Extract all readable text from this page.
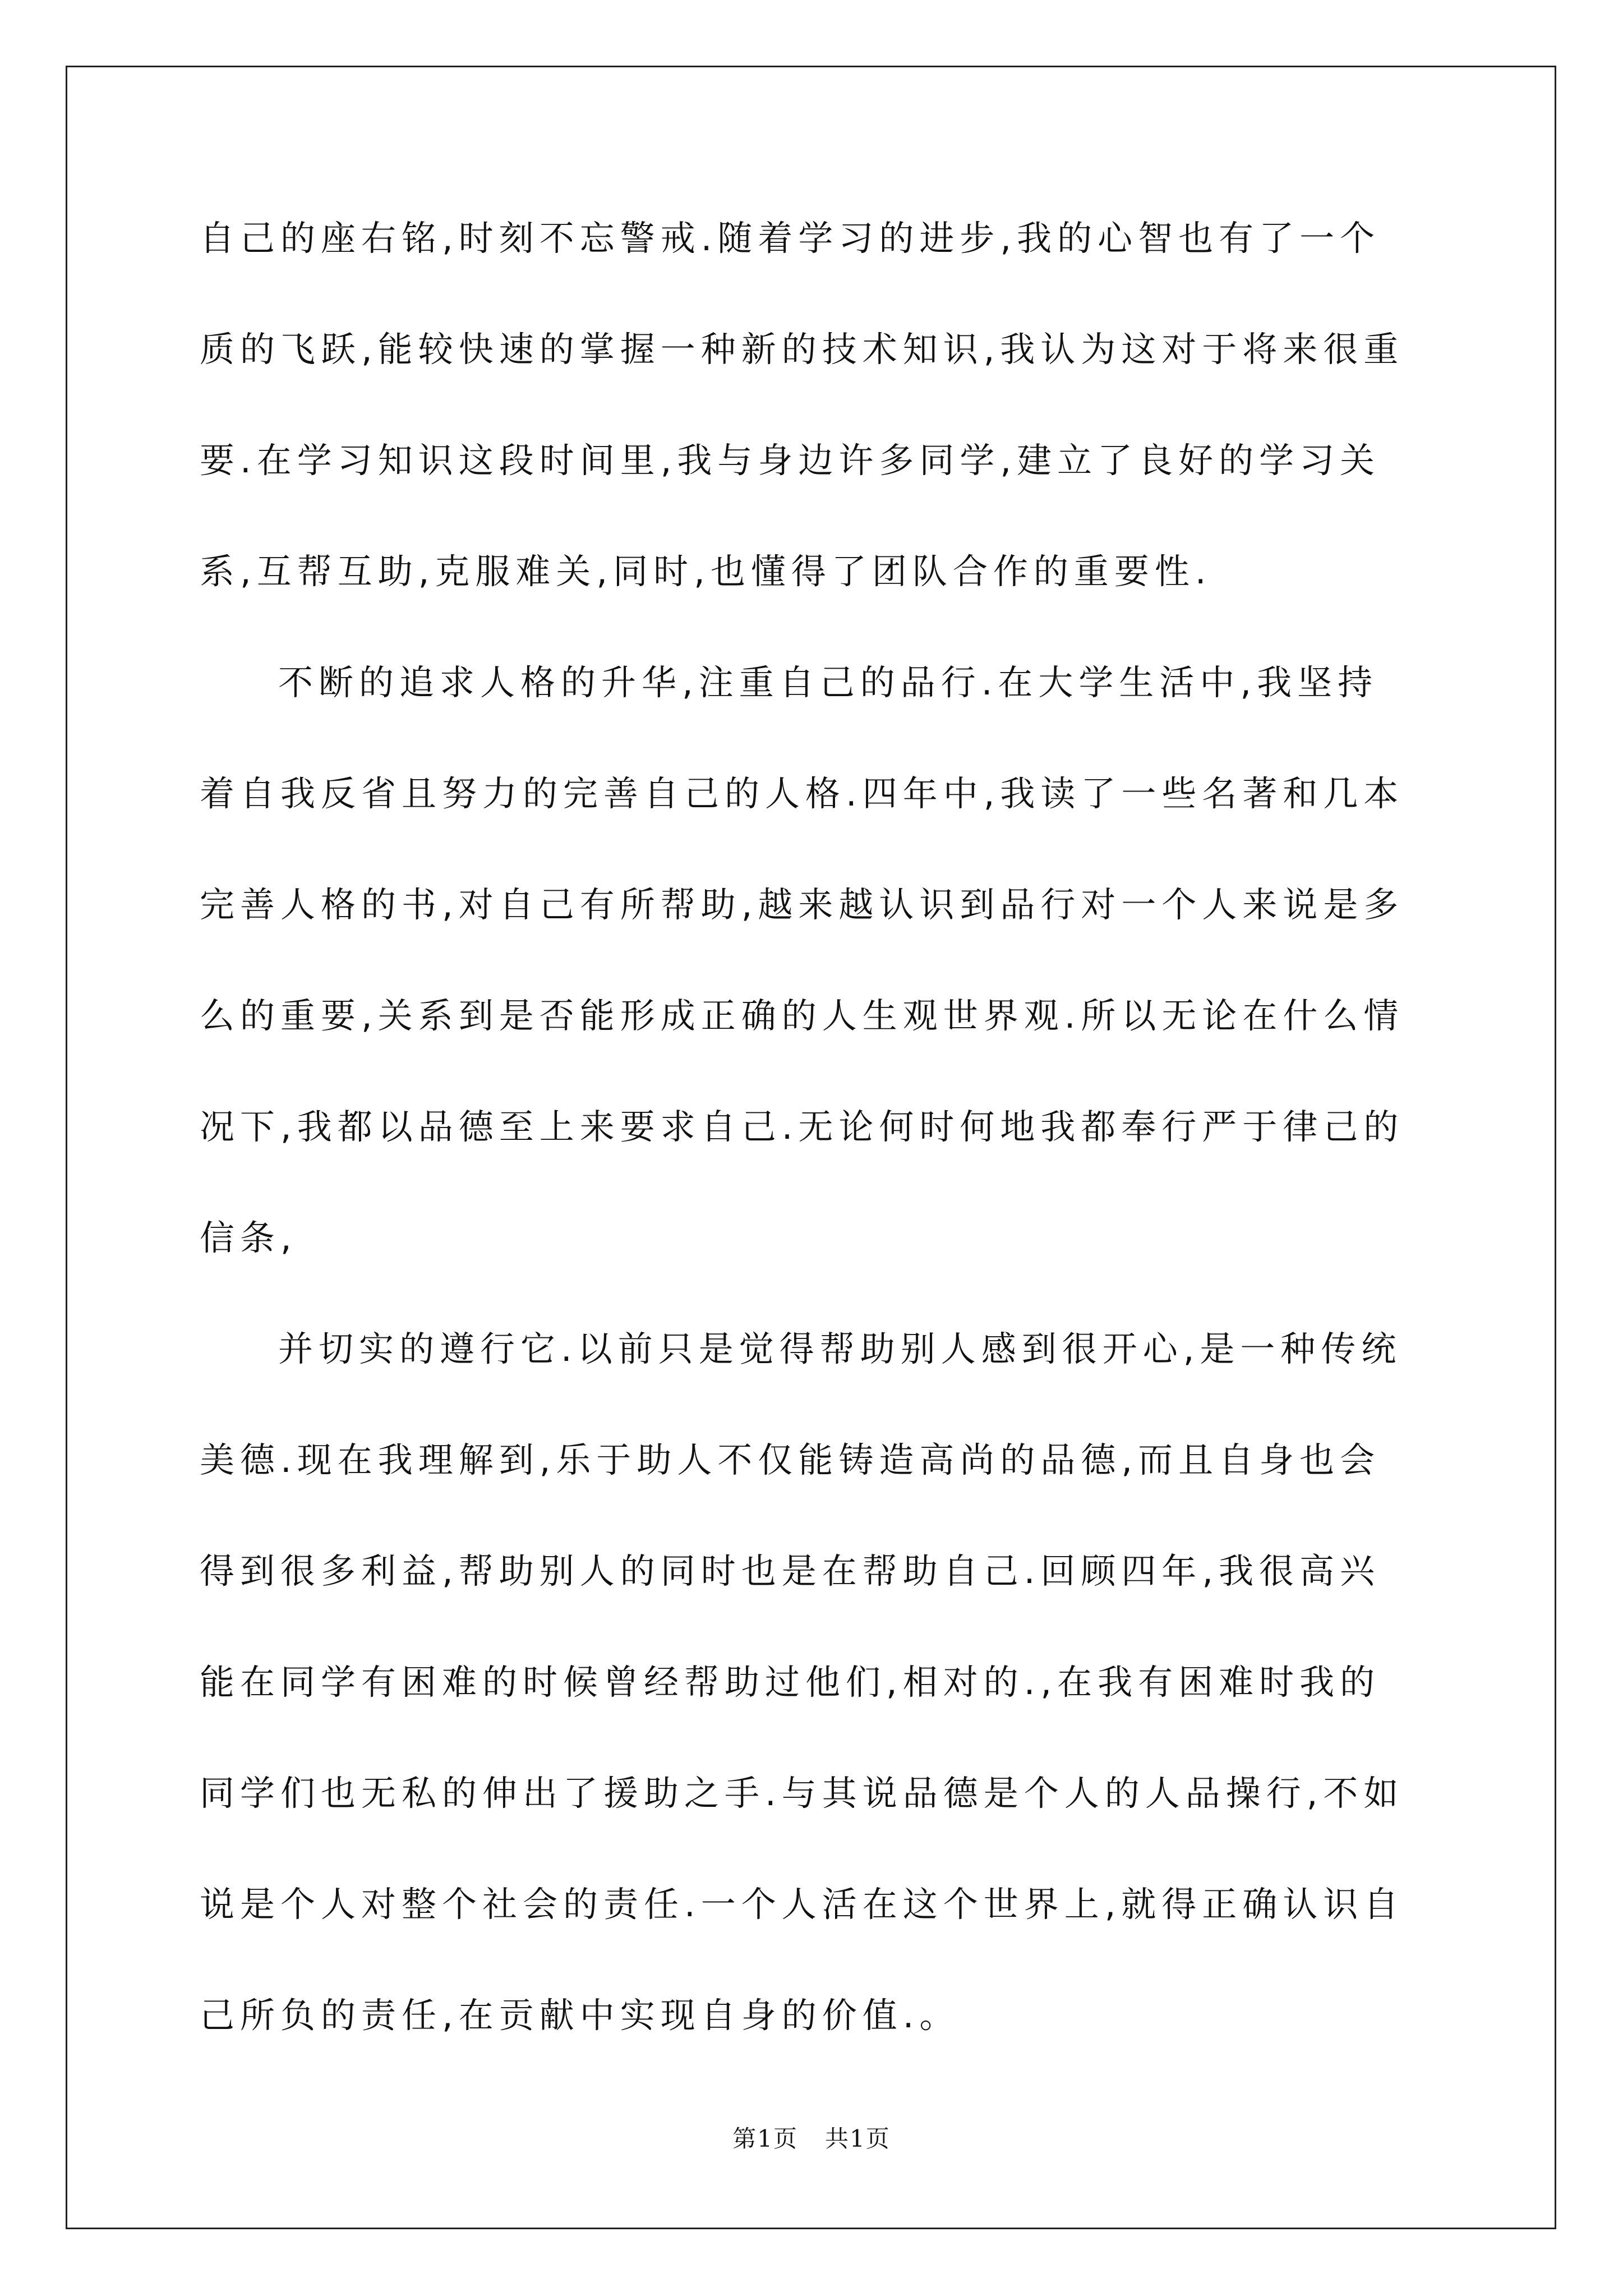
自己的座右铭,时刻不忘警戒.随着学习的进步,我的心智也有了一个

质的飞跃,能较快速的掌握一种新的技术知识,我认为这对于将来很重

要.在学习知识这段时间里,我与身边许多同学,建立了良好的学习关

系,互帮互助,克服难关,同时,也懂得了团队合作的重要性.

不断的追求人格的升华,注重自己的品行.在大学生活中,我坚持

着自我反省且努力的完善自己的人格.四年中,我读了一些名著和几本

完善人格的书,对自己有所帮助,越来越认识到品行对一个人来说是多

么的重要,关系到是否能形成正确的人生观世界观.所以无论在什么情

况下,我都以品德至上来要求自己.无论何时何地我都奉行严于律己的

信条,

并切实的遵行它.以前只是觉得帮助别人感到很开心,是一种传统

美德.现在我理解到,乐于助人不仅能铸造高尚的品德,而且自身也会

得到很多利益,帮助别人的同时也是在帮助自己.回顾四年,我很高兴

能在同学有困难的时候曾经帮助过他们,相对的.,在我有困难时我的

同学们也无私的伸出了援助之手.与其说品德是个人的人品操行,不如

说是个人对整个社会的责任.一个人活在这个世界上,就得正确认识自

己所负的责任,在贡献中实现自身的价值.。

第1页 共1页
